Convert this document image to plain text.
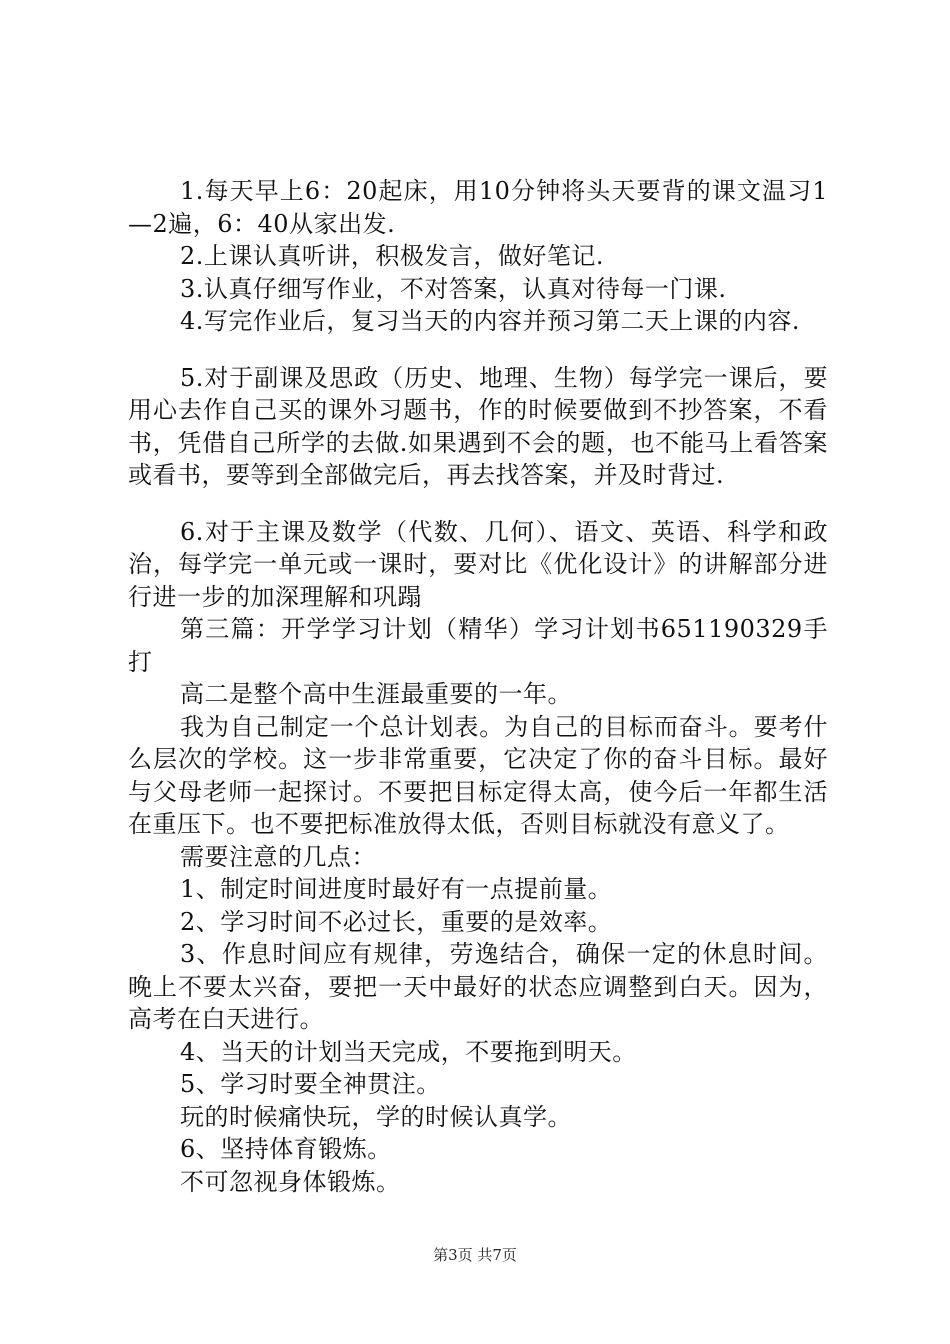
1.每天早上6：20起床，用10分钟将头天要背的课文温习1—2遍，6：40从家出发.

2.上课认真听讲，积极发言，做好笔记.

3.认真仔细写作业，不对答案，认真对待每一门课.

4.写完作业后，复习当天的内容并预习第二天上课的内容.

5.对于副课及思政（历史、地理、生物）每学完一课后，要用心去作自己买的课外习题书，作的时候要做到不抄答案，不看书，凭借自己所学的去做.如果遇到不会的题，也不能马上看答案或看书，要等到全部做完后，再去找答案，并及时背过.

6.对于主课及数学（代数、几何）、语文、英语、科学和政治，每学完一单元或一课时，要对比《优化设计》的讲解部分进行进一步的加深理解和巩蹋

第三篇：开学学习计划（精华）学习计划书651190329手打

高二是整个高中生涯最重要的一年。

我为自己制定一个总计划表。为自己的目标而奋斗。要考什么层次的学校。这一步非常重要，它决定了你的奋斗目标。最好与父母老师一起探讨。不要把目标定得太高，使今后一年都生活在重压下。也不要把标准放得太低，否则目标就没有意义了。

需要注意的几点：

1、制定时间进度时最好有一点提前量。

2、学习时间不必过长，重要的是效率。

3、作息时间应有规律，劳逸结合，确保一定的休息时间。晚上不要太兴奋，要把一天中最好的状态应调整到白天。因为，高考在白天进行。

4、当天的计划当天完成，不要拖到明天。

5、学习时要全神贯注。

玩的时候痛快玩，学的时候认真学。

6、坚持体育锻炼。

不可忽视身体锻炼。

第3页 共7页
